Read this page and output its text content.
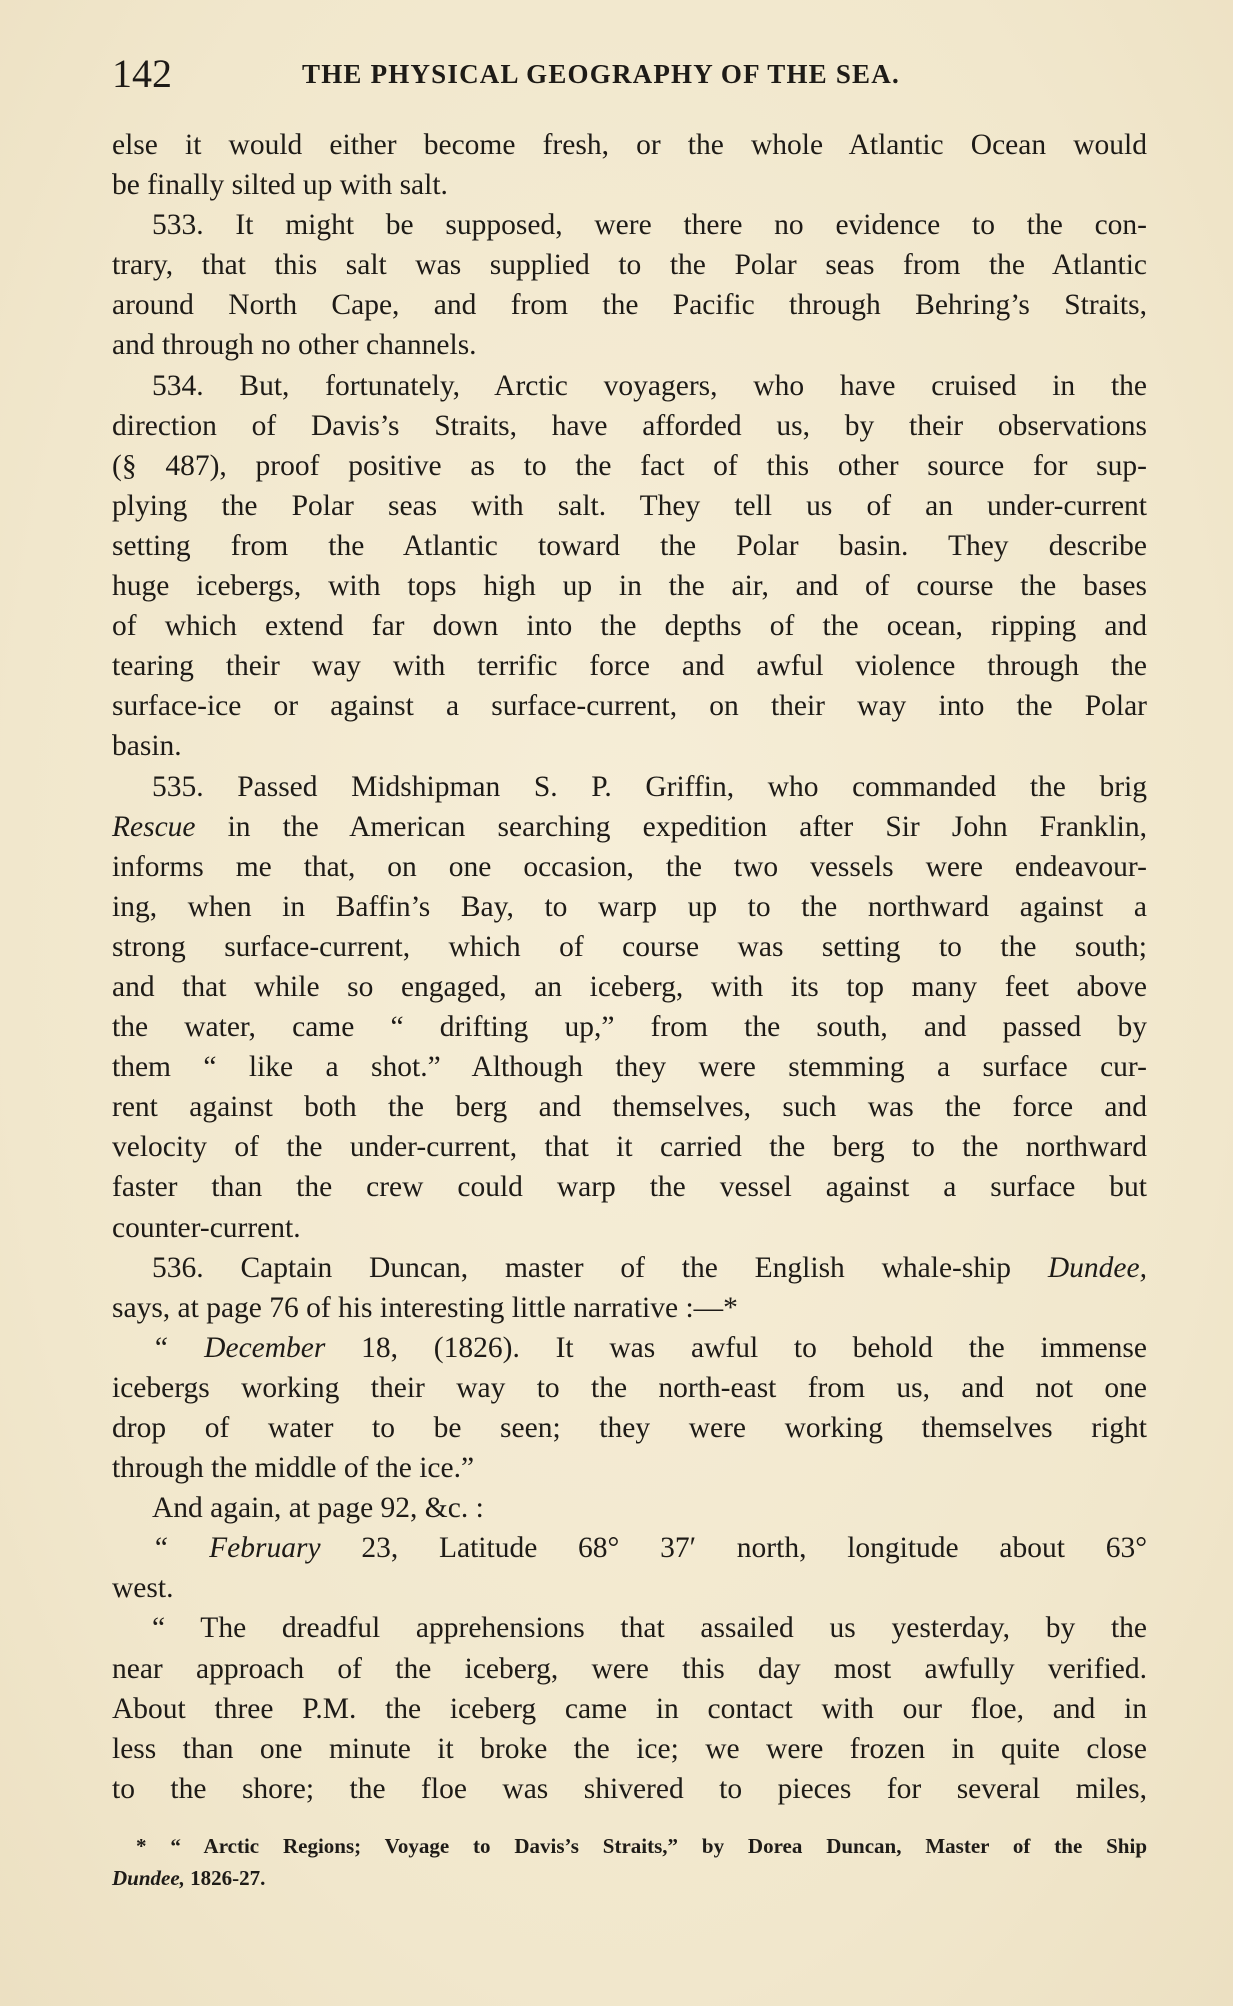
142	THE PHYSICAL GEOGRAPHY OF THE SEA.
else it would either become fresh, or the whole Atlantic Ocean would
be finally silted up with salt.
533. It might be supposed, were there no evidence to the con-
trary, that this salt was supplied to the Polar seas from the Atlantic
around North Cape, and from the Pacific through Behring’s Straits,
and through no other channels.
534. But, fortunately, Arctic voyagers, who have cruised in the
direction of Davis’s Straits, have afforded us, by their observations
(§ 487), proof positive as to the fact of this other source for sup-
plying the Polar seas with salt. They tell us of an under-current
setting from the Atlantic toward the Polar basin. They describe
huge icebergs, with tops high up in the air, and of course the bases
of which extend far down into the depths of the ocean, ripping and
tearing their way with terrific force and awful violence through the
surface-ice or against a surface-current, on their way into the Polar
basin.
535. Passed Midshipman S. P. Griffin, who commanded the brig
Rescue in the American searching expedition after Sir John Franklin,
informs me that, on one occasion, the two vessels were endeavour-
ing, when in Baffin’s Bay, to warp up to the northward against a
strong surface-current, which of course was setting to the south;
and that while so engaged, an iceberg, with its top many feet above
the water, came “ drifting up,” from the south, and passed by
them “ like a shot.” Although they were stemming a surface cur-
rent against both the berg and themselves, such was the force and
velocity of the under-current, that it carried the berg to the northward
faster than the crew could warp the vessel against a surface but
counter-current.
536. Captain Duncan, master of the English whale-ship Dundee,
says, at page 76 of his interesting little narrative :—*
“ December 18, (1826). It was awful to behold the immense
icebergs working their way to the north-east from us, and not one
drop of water to be seen; they were working themselves right
through the middle of the ice.”
And again, at page 92, &c. :
“ February 23, Latitude 68° 37′ north, longitude about 63°
west.
“ The dreadful apprehensions that assailed us yesterday, by the
near approach of the iceberg, were this day most awfully verified.
About three P.M. the iceberg came in contact with our floe, and in
less than one minute it broke the ice; we were frozen in quite close
to the shore; the floe was shivered to pieces for several miles,
* “ Arctic Regions; Voyage to Davis’s Straits,” by Dorea Duncan, Master of the Ship
Dundee, 1826-27.
